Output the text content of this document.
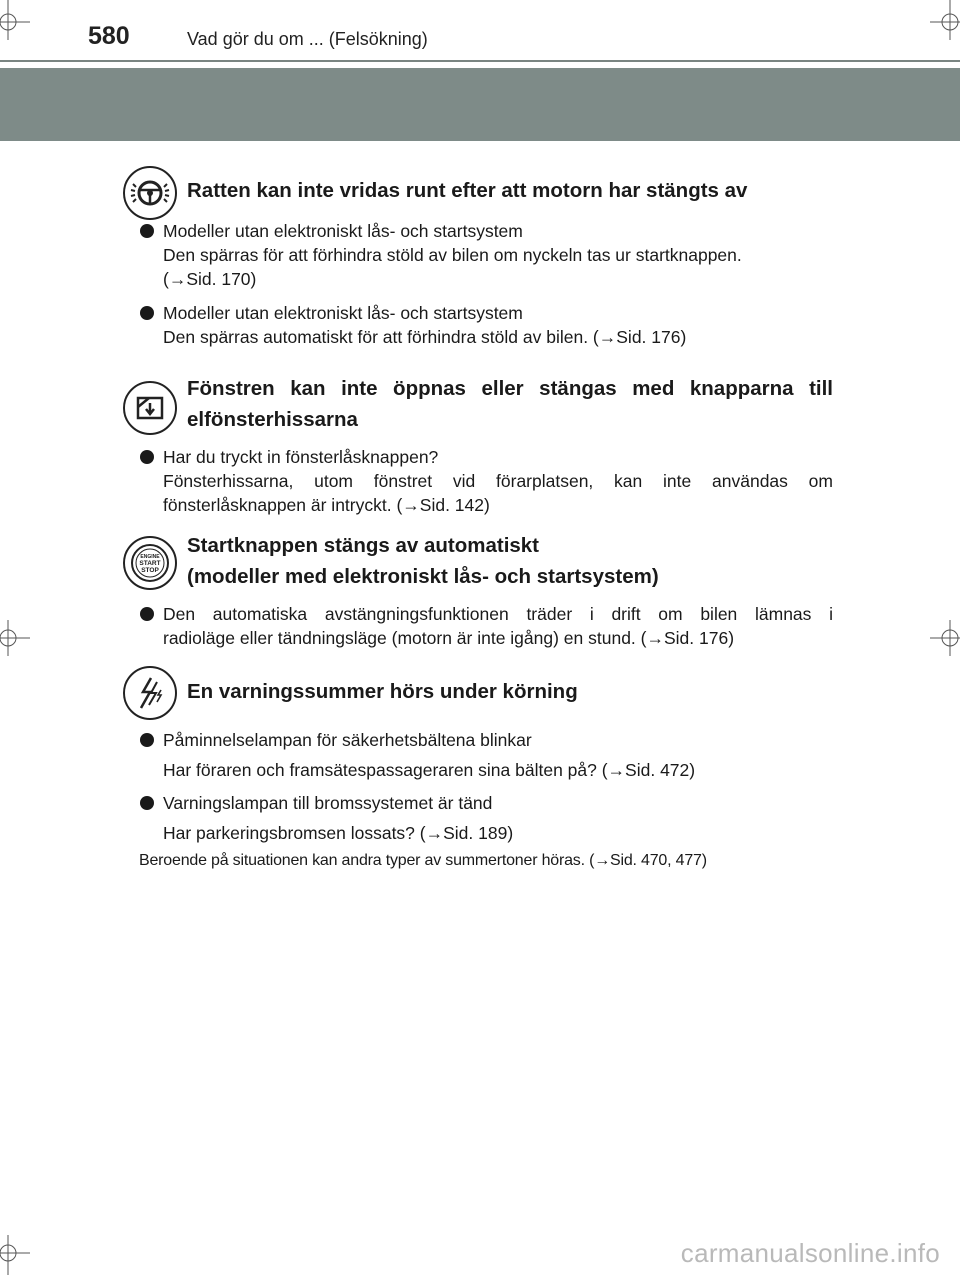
580	Vad gör du om ... (Felsökning)
Ratten kan inte vridas runt efter att motorn har stängts av
Modeller utan elektroniskt lås- och startsystem
Den spärras för att förhindra stöld av bilen om nyckeln tas ur startknappen.
(→Sid. 170)
Modeller utan elektroniskt lås- och startsystem
Den spärras automatiskt för att förhindra stöld av bilen. (→Sid. 176)
Fönstren kan inte öppnas eller stängas med knapparna till
elfönsterhissarna
Har du tryckt in fönsterlåsknappen?
Fönsterhissarna, utom fönstret vid förarplatsen, kan inte användas om
fönsterlåsknappen är intryckt. (→Sid. 142)
ENGINE
START
STOP
Startknappen stängs av automatiskt
(modeller med elektroniskt lås- och startsystem)
Den automatiska avstängningsfunktionen träder i drift om bilen lämnas i
radioläge eller tändningsläge (motorn är inte igång) en stund. (→Sid. 176)
En varningssummer hörs under körning
Påminnelselampan för säkerhetsbältena blinkar
Har föraren och framsätespassageraren sina bälten på? (→Sid. 472)
Varningslampan till bromssystemet är tänd
Har parkeringsbromsen lossats? (→Sid. 189)
Beroende på situationen kan andra typer av summertoner höras. (→Sid. 470, 477)
carmanualsonline.info
